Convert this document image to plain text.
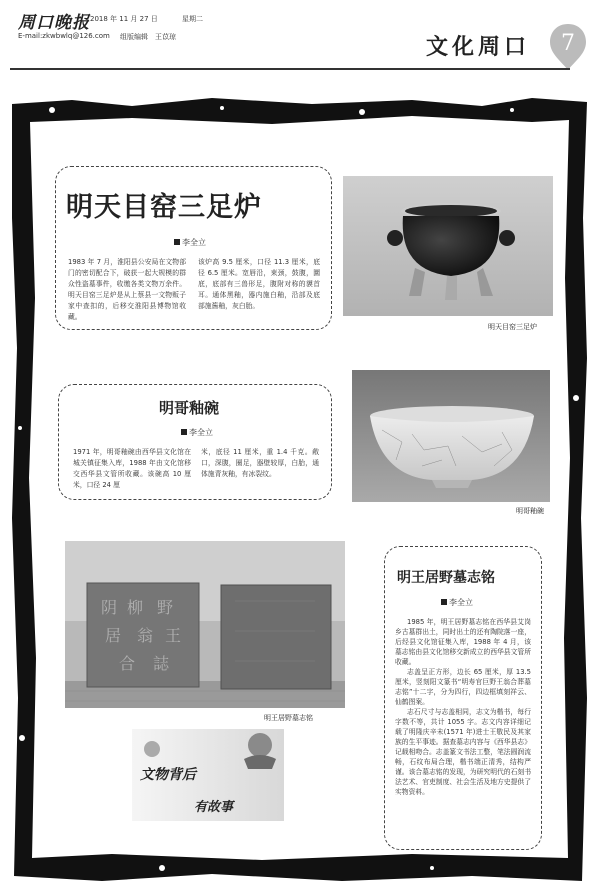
周口晚报
E-mail:zkwbwlq@126.com
2018 年 11 月 27 日	星期二
组版编辑 王苡琼	文化周口 7
明天目窑三足炉
李全立
1983 年 7 月，淮阳县公安局在文物部门的密切配合下，破获一起大规模的群众性盗墓事件，收缴各类文物万余件。明天目窑三足炉是从上蔡县一文物贩子家中查扣的，后移交淮阳县博物馆收藏。
该炉高 9.5 厘米，口径 11.3 厘米，底径 6.5 厘米。宽唇沿，束颈，鼓腹，圜底，底部有三兽形足，腹附对称的貘首耳。通体黑釉，器内施白釉，沿部及底部施酱釉，灰白胎。
明天目窑三足炉
明哥釉碗
李全立
1971 年，明哥釉碗由西华县文化馆在城关镇征集入库，1988 年由文化馆移交西华县文管所收藏。该碗高 10 厘米，口径 24 厘
米，底径 11 厘米，重 1.4 千克。敞口，深腹，圈足，器壁较厚，白胎，通体施青灰釉，有冰裂纹。
明哥釉碗
阴 柳 野
居 翁 王
合 誌
明王居野墓志铭
文物背后
有故事
明王居野墓志铭
李全立
1985 年，明王居野墓志铭在西华县艾岗乡古墓群出土，同时出土的还有陶院落一座，后经县文化馆征集入库，1988 年 4 月，该墓志铭由县文化馆移交新成立的西华县文管所收藏。
志盖呈正方形，边长 65 厘米，厚 13.5 厘米，竖刻阳文篆书“明寿官巨野王翁合葬墓志铭”十二字，分为四行，四边框填刻祥云、仙鹤图案。
志石尺寸与志盖相同，志文为楷书，每行字数不等，共计 1055 字。志文内容详细记载了明隆庆辛未(1571 年)进士王敬民及其家族的生平事迹。据查墓志内容与《西华县志》记载相吻合。志盖篆文书法工整，笔法圆润流畅，石纹布局合理，楷书端正清秀，结构严谨。该合墓志铭的发现，为研究明代的石刻书法艺术、官吏制度、社会生活及地方史提供了实物资料。
